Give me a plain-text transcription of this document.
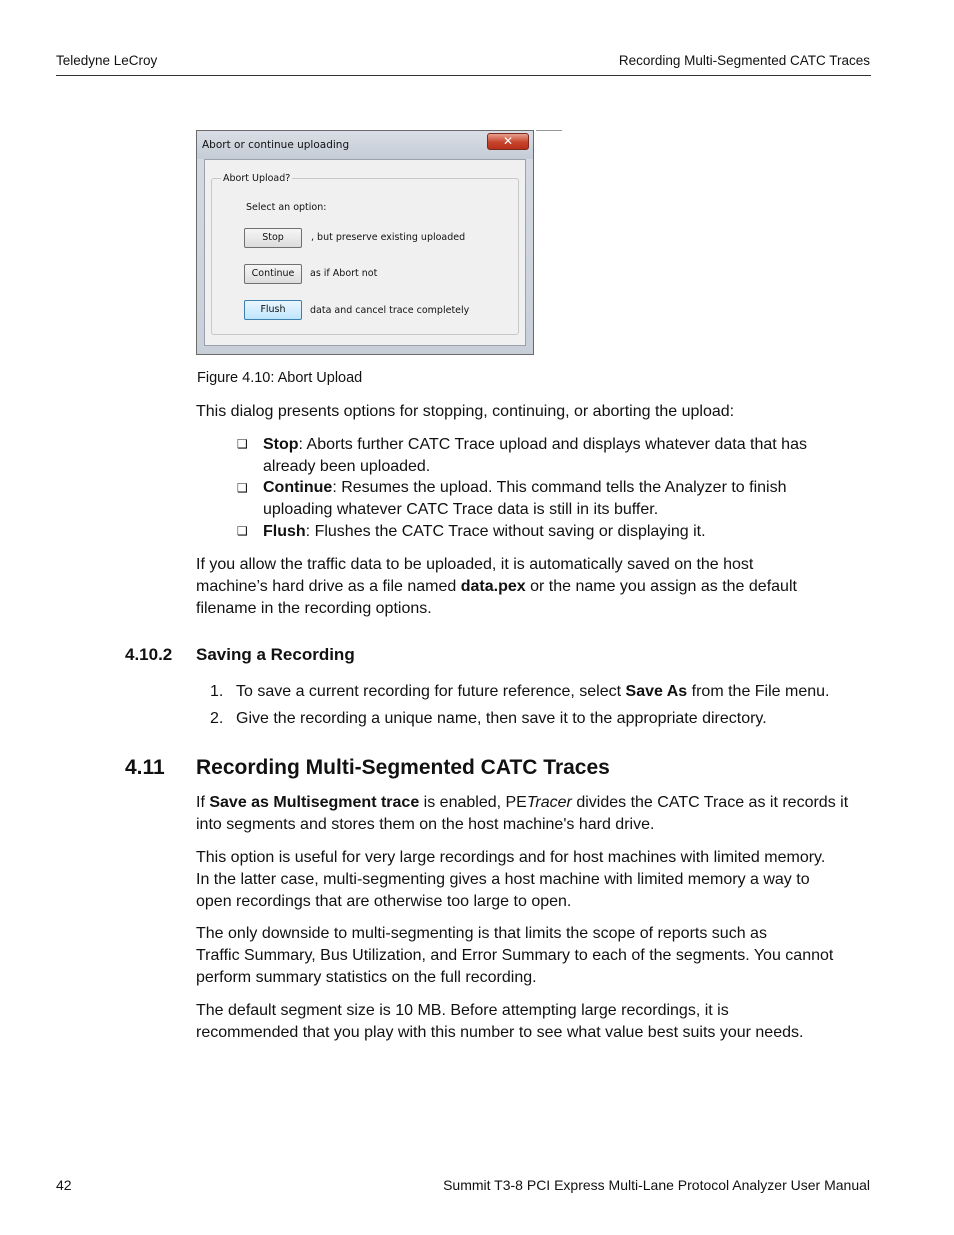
Teledyne LeCroy	Recording Multi-Segmented CATC Traces
Abort or continue uploading	✕
Abort Upload?
Select an option:
Stop	, but preserve existing uploaded
Continue	as if Abort not
Flush	data and cancel trace completely
Figure 4.10: Abort Upload
This dialog presents options for stopping, continuing, or aborting the upload:
❑ Stop: Aborts further CATC Trace upload and displays whatever data that has
already been uploaded.
❑ Continue: Resumes the upload. This command tells the Analyzer to finish
uploading whatever CATC Trace data is still in its buffer.
❑ Flush: Flushes the CATC Trace without saving or displaying it.
If you allow the traffic data to be uploaded, it is automatically saved on the host
machine’s hard drive as a file named data.pex or the name you assign as the default
filename in the recording options.
4.10.2 Saving a Recording
1. To save a current recording for future reference, select Save As from the File menu.
2. Give the recording a unique name, then save it to the appropriate directory.
4.11 Recording Multi-Segmented CATC Traces
If Save as Multisegment trace is enabled, PETracer divides the CATC Trace as it records it
into segments and stores them on the host machine's hard drive.
This option is useful for very large recordings and for host machines with limited memory.
In the latter case, multi-segmenting gives a host machine with limited memory a way to
open recordings that are otherwise too large to open.
The only downside to multi-segmenting is that limits the scope of reports such as
Traffic Summary, Bus Utilization, and Error Summary to each of the segments. You cannot
perform summary statistics on the full recording.
The default segment size is 10 MB. Before attempting large recordings, it is
recommended that you play with this number to see what value best suits your needs.
42	Summit T3-8 PCI Express Multi-Lane Protocol Analyzer User Manual
